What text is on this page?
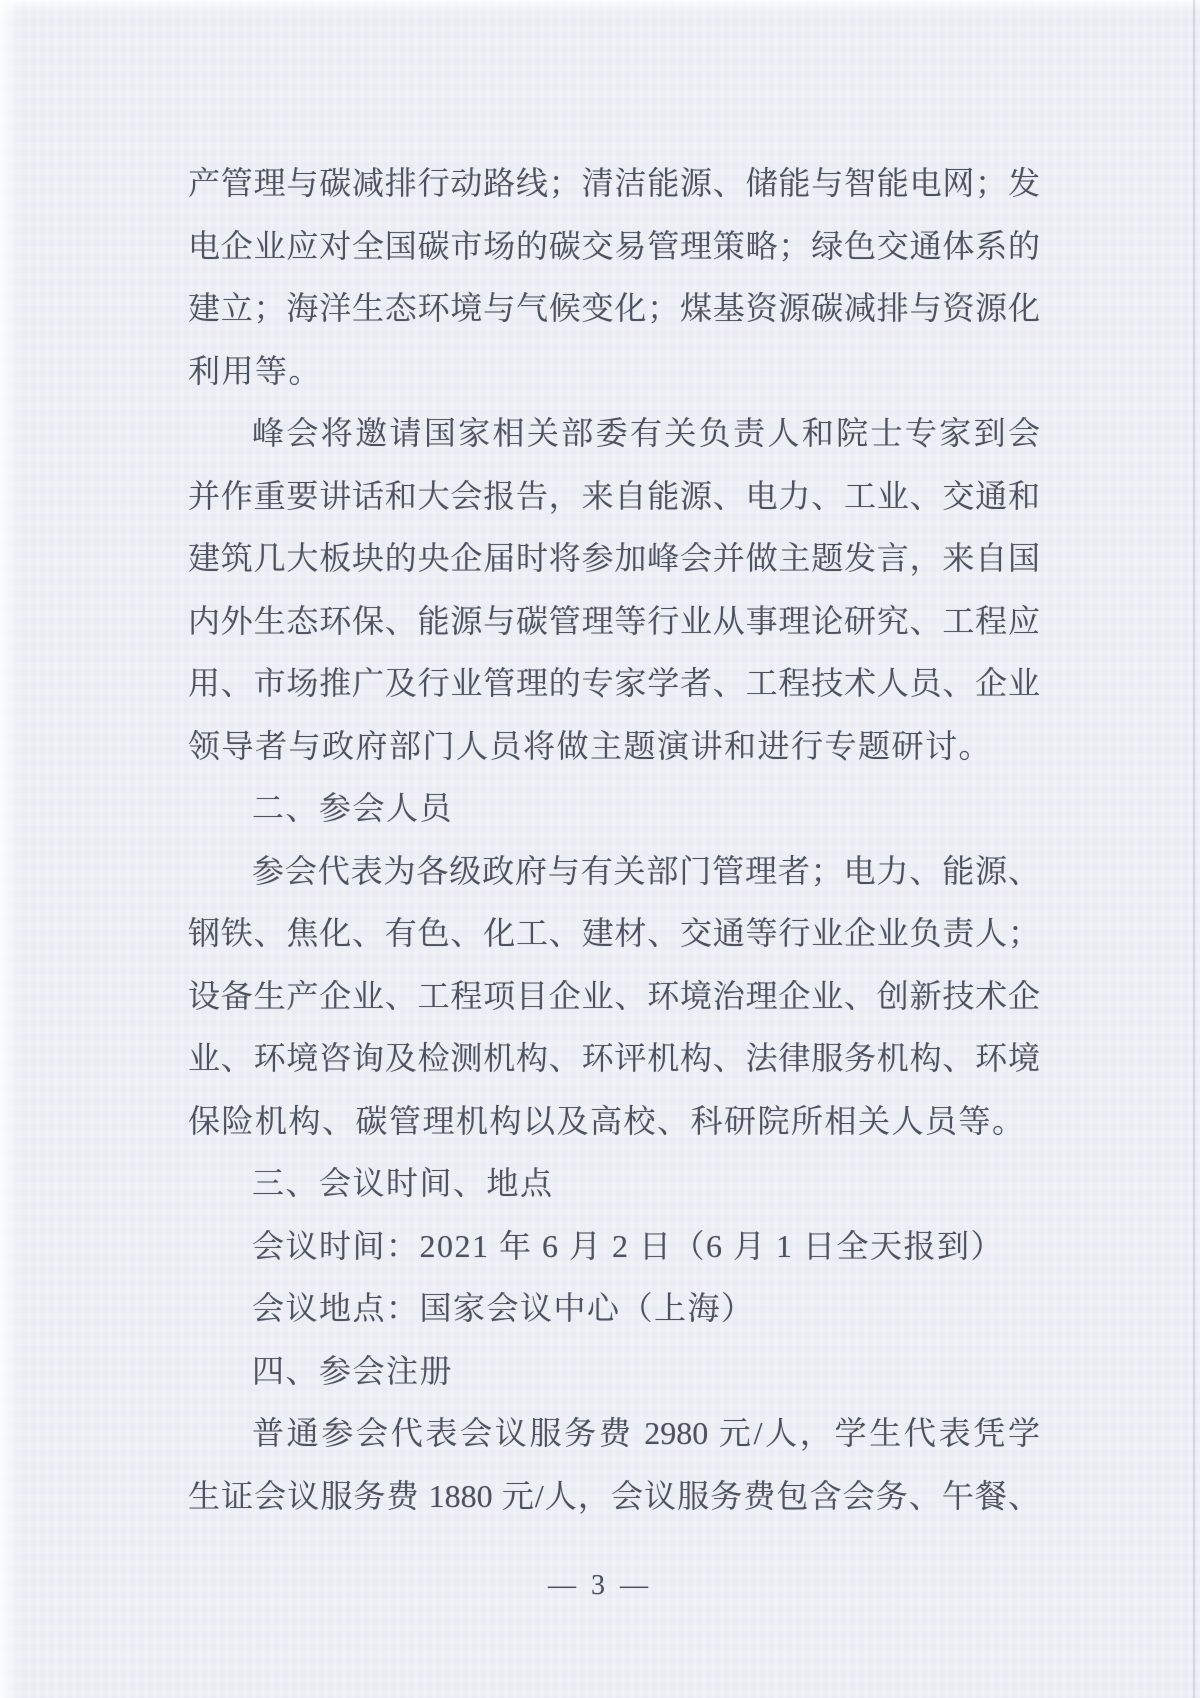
产管理与碳减排行动路线；清洁能源、储能与智能电网；发
电企业应对全国碳市场的碳交易管理策略；绿色交通体系的
建立；海洋生态环境与气候变化；煤基资源碳减排与资源化
利用等。
峰会将邀请国家相关部委有关负责人和院士专家到会
并作重要讲话和大会报告，来自能源、电力、工业、交通和
建筑几大板块的央企届时将参加峰会并做主题发言，来自国
内外生态环保、能源与碳管理等行业从事理论研究、工程应
用、市场推广及行业管理的专家学者、工程技术人员、企业
领导者与政府部门人员将做主题演讲和进行专题研讨。
二、参会人员
参会代表为各级政府与有关部门管理者；电力、能源、
钢铁、焦化、有色、化工、建材、交通等行业企业负责人；
设备生产企业、工程项目企业、环境治理企业、创新技术企
业、环境咨询及检测机构、环评机构、法律服务机构、环境
保险机构、碳管理机构以及高校、科研院所相关人员等。
三、会议时间、地点
会议时间：2021 年 6 月 2 日（6 月 1 日全天报到）
会议地点：国家会议中心（上海）
四、参会注册
普通参会代表会议服务费 2980 元/人，学生代表凭学
生证会议服务费 1880 元/人，会议服务费包含会务、午餐、
— 3 —
